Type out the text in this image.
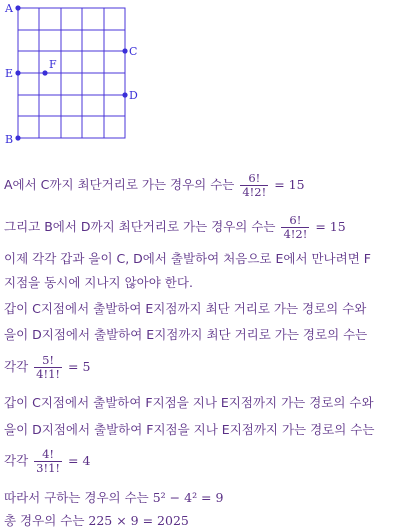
A
C
E
F
D
B
A에서 C까지 최단거리로 가는 경우의 수는 $\frac{6!}{4!2!} = 15$
그리고 B에서 D까지 최단거리로 가는 경우의 수는 $\frac{6!}{4!2!} = 15$
이제 각각 갑과 을이 C, D에서 출발하여 처음으로 E에서 만나려면 F
지점을 동시에 지나지 않아야 한다.
갑이 C지점에서 출발하여 E지점까지 최단 거리로 가는 경로의 수와
을이 D지점에서 출발하여 E지점까지 최단 거리로 가는 경로의 수는
각각 $\frac{5!}{4!1!} = 5$
갑이 C지점에서 출발하여 F지점을 지나 E지점까지 가는 경로의 수와
을이 D지점에서 출발하여 F지점을 지나 E지점까지 가는 경로의 수는
각각 $\frac{4!}{3!1!} = 4$
따라서 구하는 경우의 수는 5² − 4² = 9
총 경우의 수는 225 × 9 = 2025
